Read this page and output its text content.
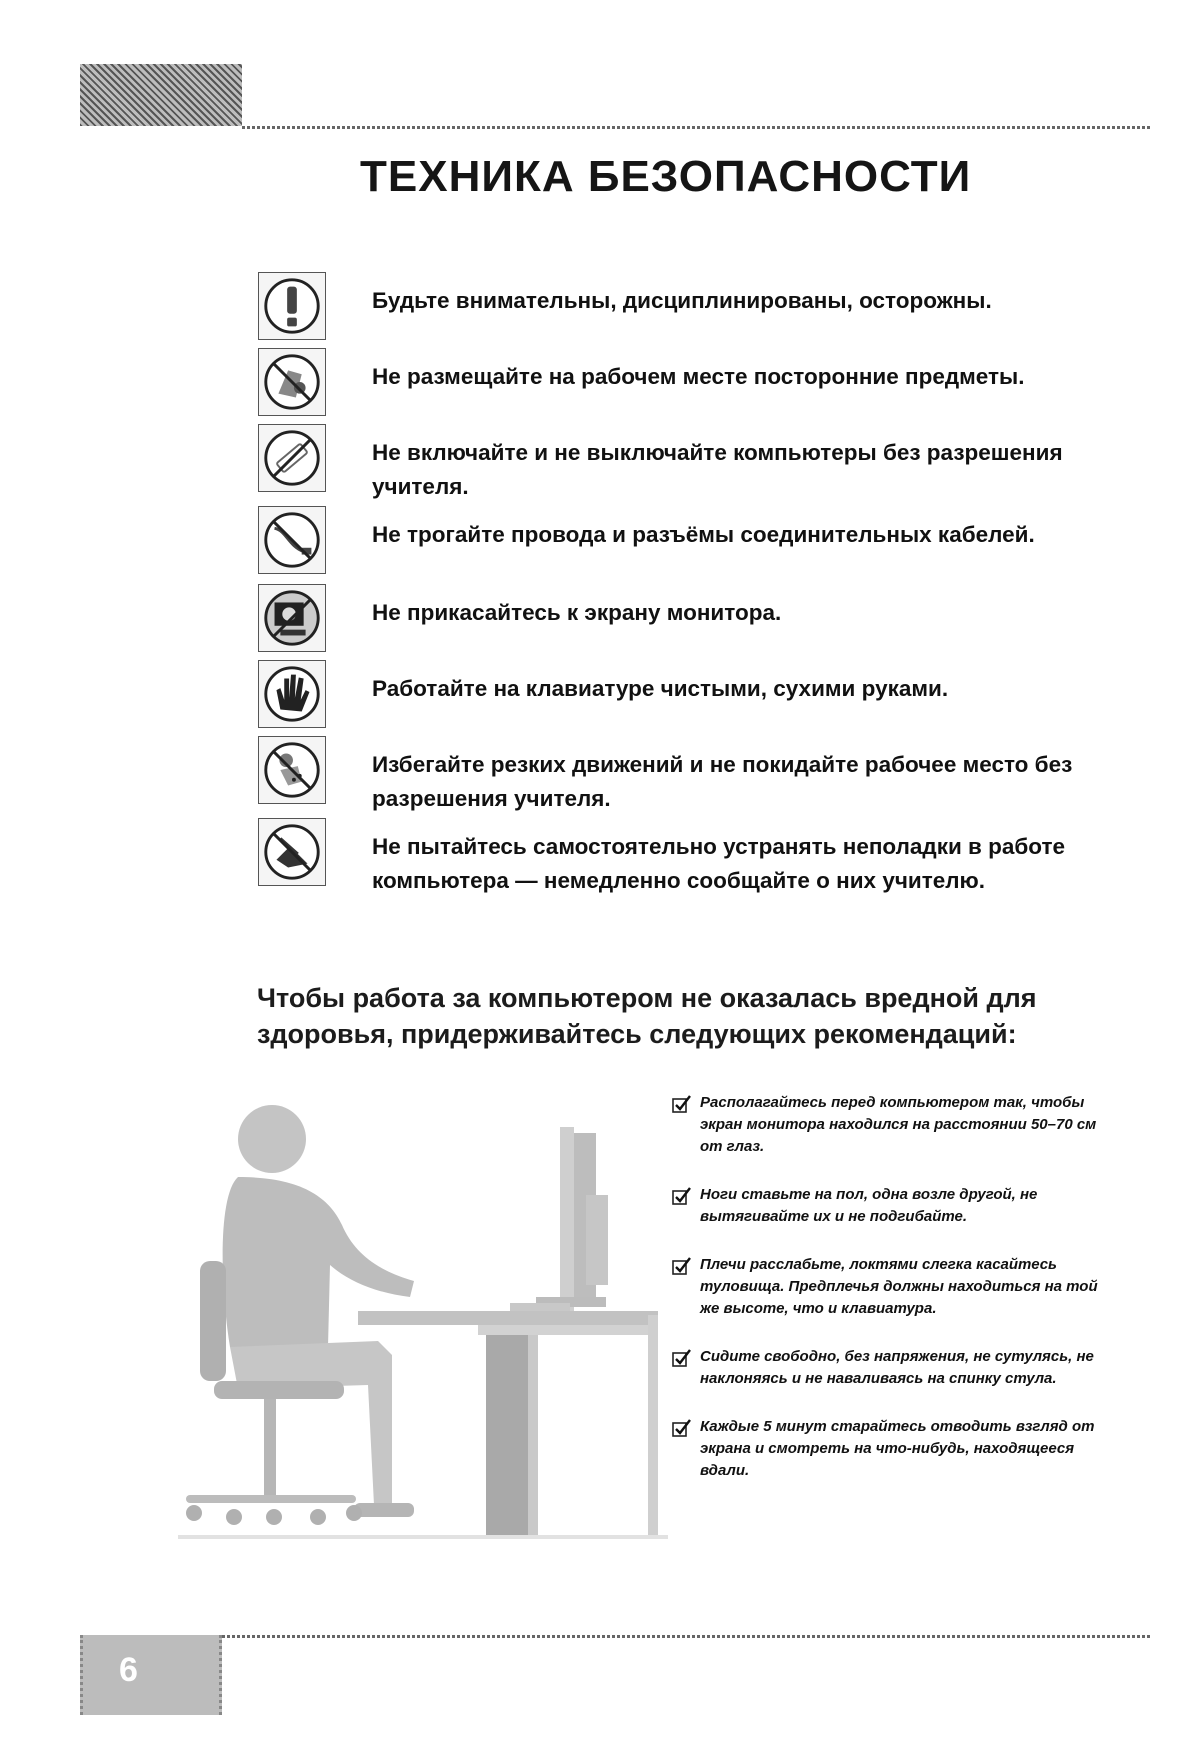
ТЕХНИКА БЕЗОПАСНОСТИ
Будьте внимательны, дисциплинированы, осторожны.
Не размещайте на рабочем месте посторонние предметы.
Не включайте и не выключайте компьютеры без разрешения учителя.
Не трогайте провода и разъёмы соединительных кабелей.
Не прикасайтесь к экрану монитора.
Работайте на клавиатуре чистыми, сухими руками.
Избегайте резких движений и не покидайте рабочее место без разрешения учителя.
Не пытайтесь самостоятельно устранять неполадки в работе компьютера — немедленно сообщайте о них учителю.
Чтобы работа за компьютером не оказалась вредной для здоровья, придерживайтесь следующих рекомендаций:
Располагайтесь перед компьютером так, чтобы экран монитора находился на расстоянии 50–70 см от глаз.
Ноги ставьте на пол, одна возле другой, не вытягивайте их и не подгибайте.
Плечи расслабьте, локтями слегка касайтесь туловища. Предплечья должны находиться на той же высоте, что и клавиатура.
Сидите свободно, без напряжения, не сутулясь, не наклоняясь и не наваливаясь на спинку стула.
Каждые 5 минут старайтесь отводить взгляд от экрана и смотреть на что-нибудь, находящееся вдали.
6
